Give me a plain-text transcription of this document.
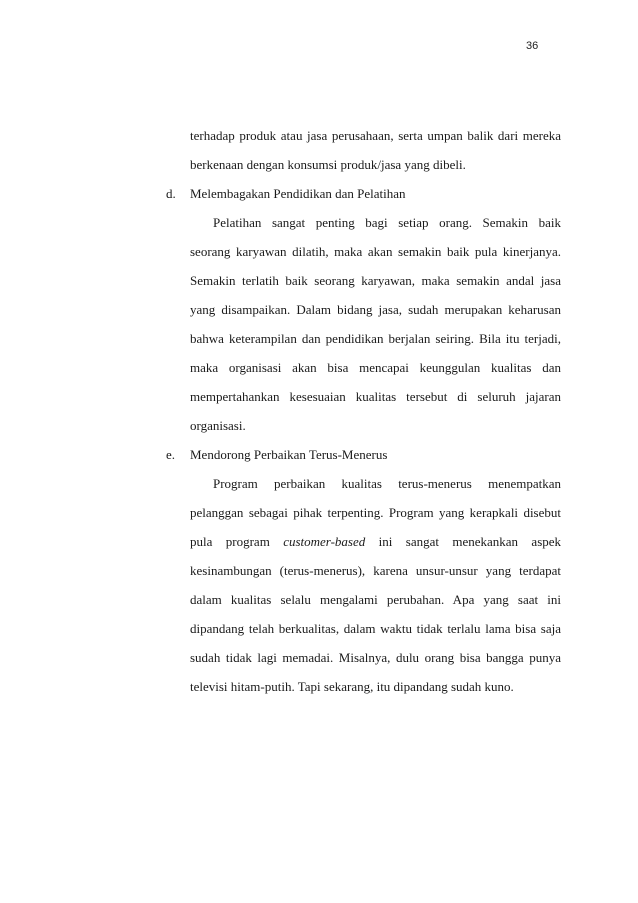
36
terhadap produk atau jasa perusahaan, serta umpan balik dari mereka
berkenaan dengan konsumsi produk/jasa yang dibeli.
d.	Melembagakan Pendidikan dan Pelatihan
Pelatihan sangat penting bagi setiap orang. Semakin baik
seorang karyawan dilatih, maka akan semakin baik pula kinerjanya.
Semakin terlatih baik seorang karyawan, maka semakin andal jasa
yang disampaikan. Dalam bidang jasa, sudah merupakan keharusan
bahwa keterampilan dan pendidikan berjalan seiring. Bila itu terjadi,
maka organisasi akan bisa mencapai keunggulan kualitas dan
mempertahankan kesesuaian kualitas tersebut di seluruh jajaran
organisasi.
e.	Mendorong Perbaikan Terus-Menerus
Program perbaikan kualitas terus-menerus menempatkan
pelanggan sebagai pihak terpenting. Program yang kerapkali disebut
pula program customer-based ini sangat menekankan aspek
kesinambungan (terus-menerus), karena unsur-unsur yang terdapat
dalam kualitas selalu mengalami perubahan. Apa yang saat ini
dipandang telah berkualitas, dalam waktu tidak terlalu lama bisa saja
sudah tidak lagi memadai. Misalnya, dulu orang bisa bangga punya
televisi hitam-putih. Tapi sekarang, itu dipandang sudah kuno.
